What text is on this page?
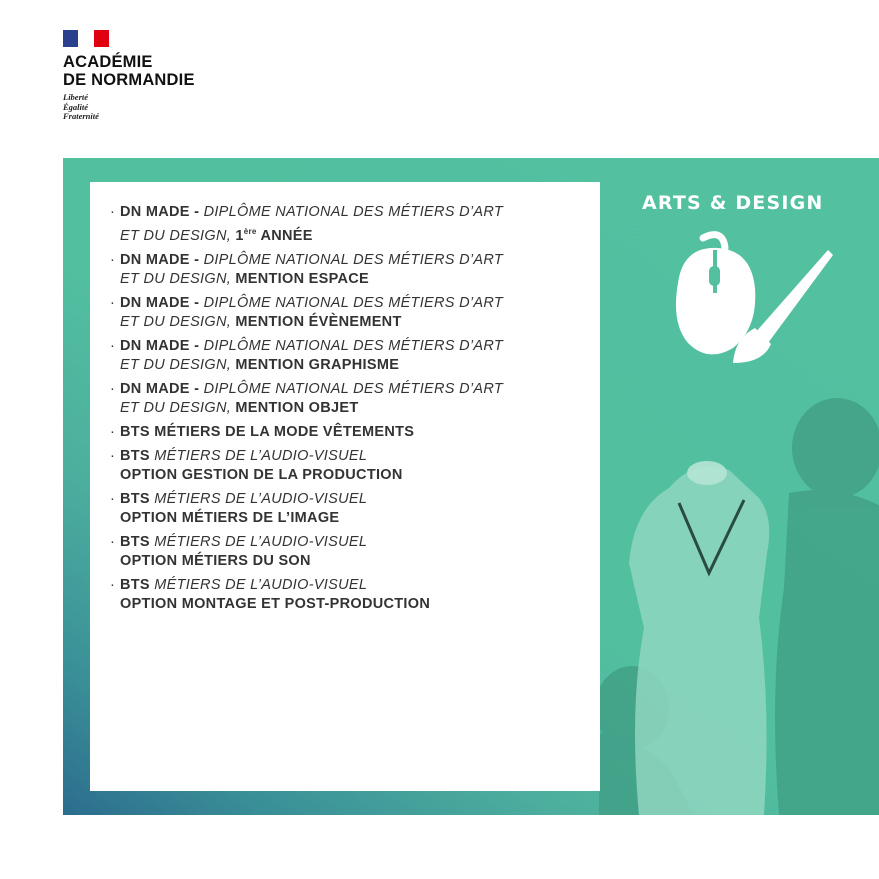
ACADÉMIE
DE NORMANDIE
Liberté
Égalité
Fraternité
· DN MADE - DIPLÔME NATIONAL DES MÉTIERS D’ART ET DU DESIGN, 1ère ANNÉE
· DN MADE - DIPLÔME NATIONAL DES MÉTIERS D’ART ET DU DESIGN, MENTION ESPACE
· DN MADE - DIPLÔME NATIONAL DES MÉTIERS D’ART ET DU DESIGN, MENTION ÉVÈNEMENT
· DN MADE - DIPLÔME NATIONAL DES MÉTIERS D’ART ET DU DESIGN, MENTION GRAPHISME
· DN MADE - DIPLÔME NATIONAL DES MÉTIERS D’ART ET DU DESIGN, MENTION OBJET
· BTS MÉTIERS DE LA MODE VÊTEMENTS
· BTS MÉTIERS DE L’AUDIO-VISUEL
OPTION GESTION DE LA PRODUCTION
· BTS MÉTIERS DE L’AUDIO-VISUEL
OPTION MÉTIERS DE L’IMAGE
· BTS MÉTIERS DE L’AUDIO-VISUEL
OPTION MÉTIERS DU SON
· BTS MÉTIERS DE L’AUDIO-VISUEL
OPTION MONTAGE ET POST-PRODUCTION
ARTS & DESIGN
